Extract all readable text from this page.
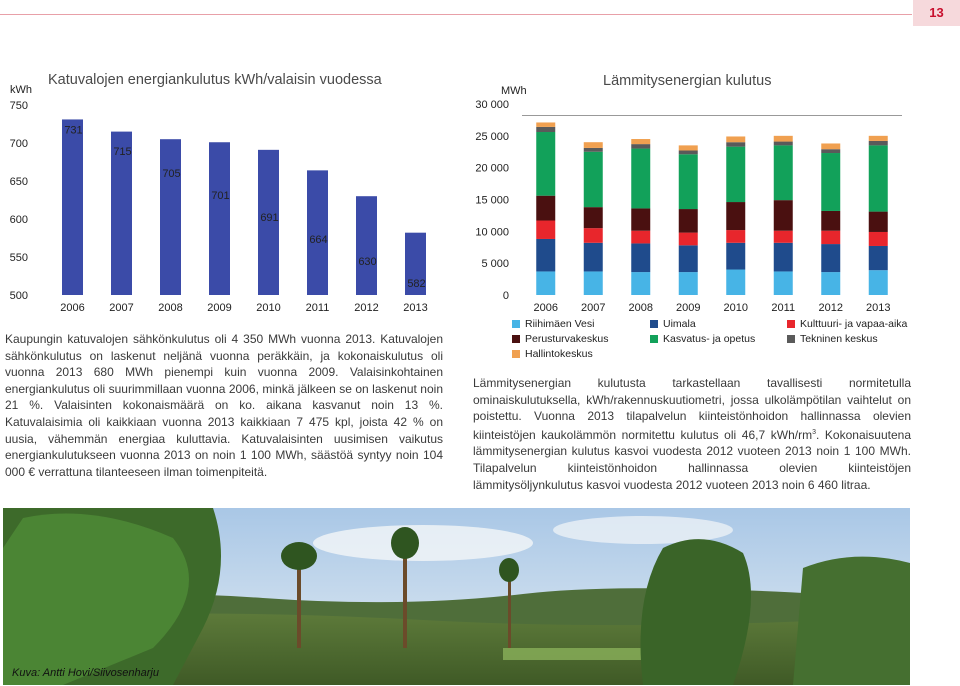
13
Katuvalojen energiankulutus kWh/valaisin vuodessa
kWh
750
700
650
600
550
500
731
715
705
701
691
664
630
582
2006 2007 2008 2009 2010 2011 2012 2013
Lämmitysenergian kulutus
MWh
30 000
25 000
20 000
15 000
10 000
5 000
0
2006 2007 2008 2009 2010 2011 2012 2013
Riihimäen Vesi	Uimala	Kulttuuri- ja vapaa-aika
Perusturvakeskus	Kasvatus- ja opetus	Tekninen keskus
Hallintokeskus
Kaupungin katuvalojen sähkönkulutus oli 4 350 MWh vuonna 2013. Katuvalojen sähkönkulutus on laskenut neljänä vuonna peräkkäin, ja kokonaiskulutus oli vuonna 2013 680 MWh pienempi kuin vuonna 2009. Valaisinkohtainen energiankulutus oli suurimmillaan vuonna 2006, minkä jälkeen se on laskenut noin 21 %. Valaisinten kokonaismäärä on ko. aikana kasvanut noin 13 %. Katuvalaisimia oli kaikkiaan vuonna 2013 kaikkiaan 7 475 kpl, joista 42 % on uusia, vähemmän energiaa kuluttavia. Katuvalaisinten uusimisen vaikutus energiankulutukseen vuonna 2013 on noin 1 100 MWh, säästöä syntyy noin 104 000 € verrattuna tilanteeseen ilman toimenpiteitä.
Lämmitysenergian kulutusta tarkastellaan tavallisesti normitetulla ominaiskulutuksella, kWh/rakennuskuutiometri, jossa ulkolämpötilan vaihtelut on poistettu. Vuonna 2013 tilapalvelun kiinteistönhoidon hallinnassa olevien kiinteistöjen kaukolämmön normitettu kulutus oli 46,7 kWh/$rm^3$. Kokonaisuutena lämmitysenergian kulutus kasvoi vuodesta 2012 vuoteen 2013 noin 1 100 MWh. Tilapalvelun kiinteistönhoidon hallinnassa olevien kiinteistöjen lämmitysöljynkulutus kasvoi vuodesta 2012 vuoteen 2013 noin 6 460 litraa.
Kuva: Antti Hovi/Siivosenharju
